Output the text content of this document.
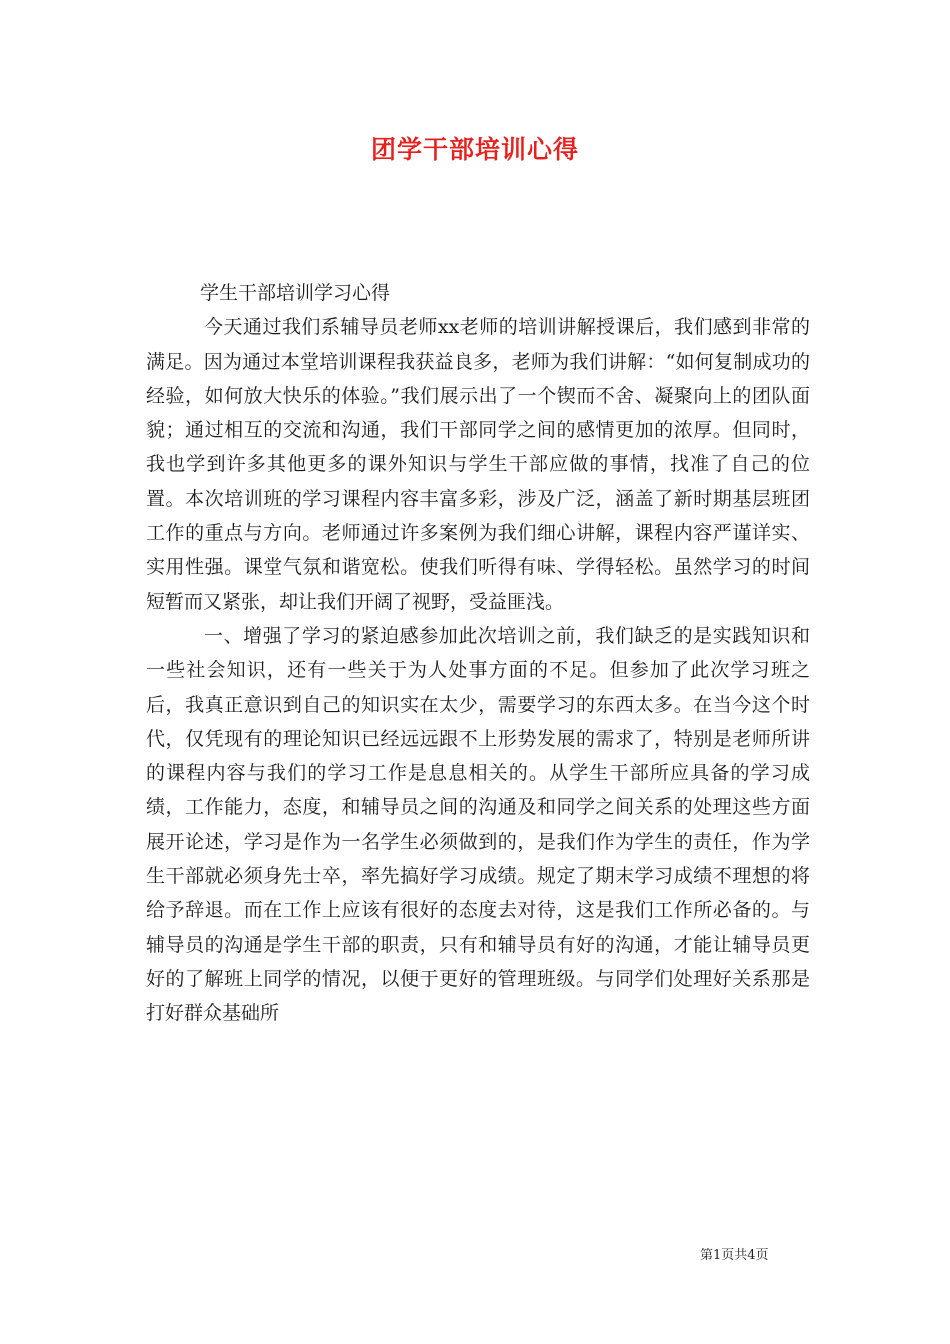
团学干部培训心得

学生干部培训学习心得

今天通过我们系辅导员老师xx老师的培训讲解授课后，我们感到非常的满足。因为通过本堂培训课程我获益良多，老师为我们讲解：“如何复制成功的经验，如何放大快乐的体验。”我们展示出了一个锲而不舍、凝聚向上的团队面貌；通过相互的交流和沟通，我们干部同学之间的感情更加的浓厚。但同时，我也学到许多其他更多的课外知识与学生干部应做的事情，找准了自己的位置。本次培训班的学习课程内容丰富多彩，涉及广泛，涵盖了新时期基层班团工作的重点与方向。老师通过许多案例为我们细心讲解，课程内容严谨详实、实用性强。课堂气氛和谐宽松。使我们听得有味、学得轻松。虽然学习的时间短暂而又紧张，却让我们开阔了视野，受益匪浅。

一、增强了学习的紧迫感参加此次培训之前，我们缺乏的是实践知识和一些社会知识，还有一些关于为人处事方面的不足。但参加了此次学习班之后，我真正意识到自己的知识实在太少，需要学习的东西太多。在当今这个时代，仅凭现有的理论知识已经远远跟不上形势发展的需求了，特别是老师所讲的课程内容与我们的学习工作是息息相关的。从学生干部所应具备的学习成绩，工作能力，态度，和辅导员之间的沟通及和同学之间关系的处理这些方面展开论述，学习是作为一名学生必须做到的，是我们作为学生的责任，作为学生干部就必须身先士卒，率先搞好学习成绩。规定了期末学习成绩不理想的将给予辞退。而在工作上应该有很好的态度去对待，这是我们工作所必备的。与辅导员的沟通是学生干部的职责，只有和辅导员有好的沟通，才能让辅导员更好的了解班上同学的情况，以便于更好的管理班级。与同学们处理好关系那是打好群众基础所

第1页共4页
